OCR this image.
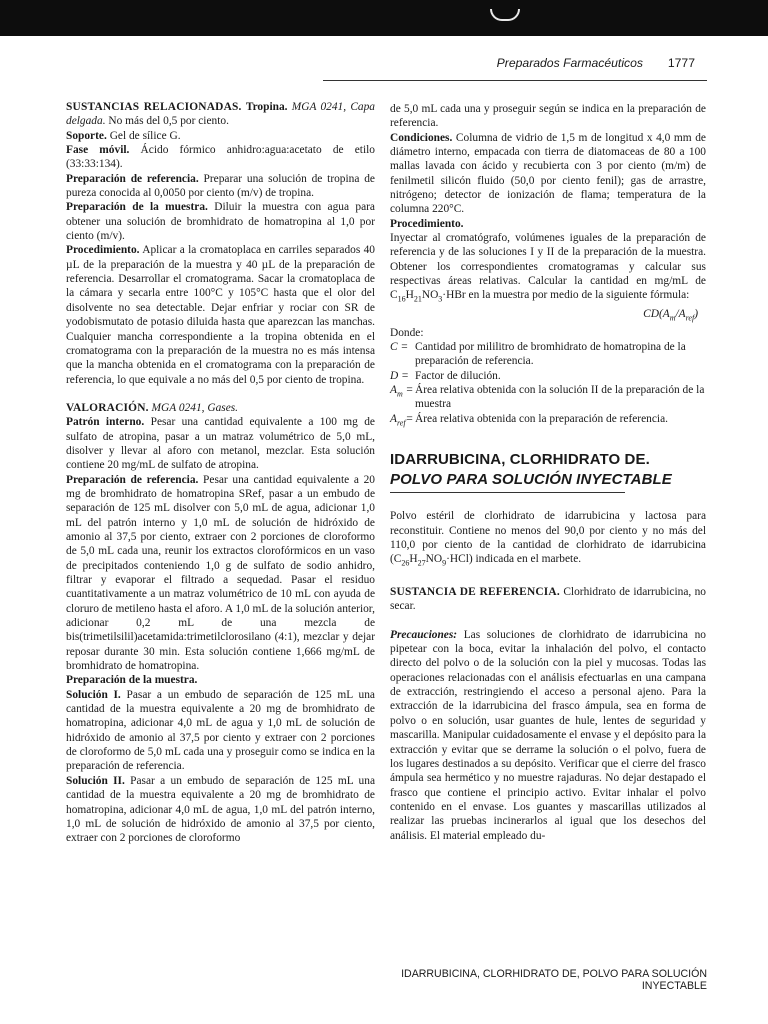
Preparados Farmacéuticos 1777

SUSTANCIAS RELACIONADAS. Tropina. MGA 0241, Capa delgada. No más del 0,5 por ciento.

Soporte. Gel de sílice G.

Fase móvil. Ácido fórmico anhidro:agua:acetato de etilo (33:33:134).

Preparación de referencia. Preparar una solución de tropina de pureza conocida al 0,0050 por ciento (m/v) de tropina.

Preparación de la muestra. Diluir la muestra con agua para obtener una solución de bromhidrato de homatropina al 1,0 por ciento (m/v).

Procedimiento. Aplicar a la cromatoplaca en carriles separados 40 µL de la preparación de la muestra y 40 µL de la preparación de referencia. Desarrollar el cromatograma. Sacar la cromatoplaca de la cámara y secarla entre 100°C y 105°C hasta que el olor del disolvente no sea detectable. Dejar enfriar y rociar con SR de yodobismutato de potasio diluida hasta que aparezcan las manchas. Cualquier mancha correspondiente a la tropina obtenida en el cromatograma con la preparación de la muestra no es más intensa que la mancha obtenida en el cromatograma con la preparación de referencia, lo que equivale a no más del 0,5 por ciento de tropina.

VALORACIÓN. MGA 0241, Gases.

Patrón interno. Pesar una cantidad equivalente a 100 mg de sulfato de atropina, pasar a un matraz volumétrico de 5,0 mL, disolver y llevar al aforo con metanol, mezclar. Esta solución contiene 20 mg/mL de sulfato de atropina.

Preparación de referencia. Pesar una cantidad equivalente a 20 mg de bromhidrato de homatropina SRef, pasar a un embudo de separación de 125 mL disolver con 5,0 mL de agua, adicionar 1,0 mL del patrón interno y 1,0 mL de solución de hidróxido de amonio al 37,5 por ciento, extraer con 2 porciones de cloroformo de 5,0 mL cada una, reunir los extractos clorofórmicos en un vaso de precipitados conteniendo 1,0 g de sulfato de sodio anhidro, filtrar y evaporar el filtrado a sequedad. Pasar el residuo cuantitativamente a un matraz volumétrico de 10 mL con ayuda de cloruro de metileno hasta el aforo. A 1,0 mL de la solución anterior, adicionar 0,2 mL de una mezcla de bis(trimetilsilil)acetamida:trimetilclorosilano (4:1), mezclar y dejar reposar durante 30 min. Esta solución contiene 1,666 mg/mL de bromhidrato de homatropina.

Preparación de la muestra.

Solución I. Pasar a un embudo de separación de 125 mL una cantidad de la muestra equivalente a 20 mg de bromhidrato de homatropina, adicionar 4,0 mL de agua y 1,0 mL de solución de hidróxido de amonio al 37,5 por ciento y extraer con 2 porciones de cloroformo de 5,0 mL cada una y proseguir como se indica en la preparación de referencia.

Solución II. Pasar a un embudo de separación de 125 mL una cantidad de la muestra equivalente a 20 mg de bromhidrato de homatropina, adicionar 4,0 mL de agua, 1,0 mL del patrón interno, 1,0 mL de solución de hidróxido de amonio al 37,5 por ciento, extraer con 2 porciones de cloroformo

de 5,0 mL cada una y proseguir según se indica en la preparación de referencia.

Condiciones. Columna de vidrio de 1,5 m de longitud x 4,0 mm de diámetro interno, empacada con tierra de diatomaceas de 80 a 100 mallas lavada con ácido y recubierta con 3 por ciento (m/m) de fenilmetil silicón fluido (50,0 por ciento fenil); gas de arrastre, nitrógeno; detector de ionización de flama; temperatura de la columna 220°C.

Procedimiento.

Inyectar al cromatógrafo, volúmenes iguales de la preparación de referencia y de las soluciones I y II de la preparación de la muestra. Obtener los correspondientes cromatogramas y calcular sus respectivas áreas relativas. Calcular la cantidad en mg/mL de $C_{16}H_{21}NO_3\cdot HBr$ en la muestra por medio de la siguiente fórmula:

$CD(A_m/A_{ref})$

Donde:

C = Cantidad por mililitro de bromhidrato de homatropina de la preparación de referencia.
D = Factor de dilución.
$A_m$ = Área relativa obtenida con la solución II de la preparación de la muestra
$A_{ref}=$ Área relativa obtenida con la preparación de referencia.

IDARRUBICINA, CLORHIDRATO DE. POLVO PARA SOLUCIÓN INYECTABLE

Polvo estéril de clorhidrato de idarrubicina y lactosa para reconstituir. Contiene no menos del 90,0 por ciento y no más del 110,0 por ciento de la cantidad de clorhidrato de idarrubicina $(C_{26}H_{27}NO_9\cdot HCl)$ indicada en el marbete.

SUSTANCIA DE REFERENCIA. Clorhidrato de idarrubicina, no secar.

Precauciones: Las soluciones de clorhidrato de idarrubicina no pipetear con la boca, evitar la inhalación del polvo, el contacto directo del polvo o de la solución con la piel y mucosas. Todas las operaciones relacionadas con el análisis efectuarlas en una campana de extracción, restringiendo el acceso a personal ajeno. Para la extracción de la idarrubicina del frasco ámpula, sea en forma de polvo o en solución, usar guantes de hule, lentes de seguridad y mascarilla. Manipular cuidadosamente el envase y el depósito para la extracción y evitar que se derrame la solución o el polvo, fuera de los lugares destinados a su depósito. Verificar que el cierre del frasco ámpula sea hermético y no muestre rajaduras. No dejar destapado el frasco que contiene el principio activo. Evitar inhalar el polvo contenido en el envase. Los guantes y mascarillas utilizados al realizar las pruebas incinerarlos al igual que los desechos del análisis. El material empleado du-

IDARRUBICINA, CLORHIDRATO DE, POLVO PARA SOLUCIÓN INYECTABLE
